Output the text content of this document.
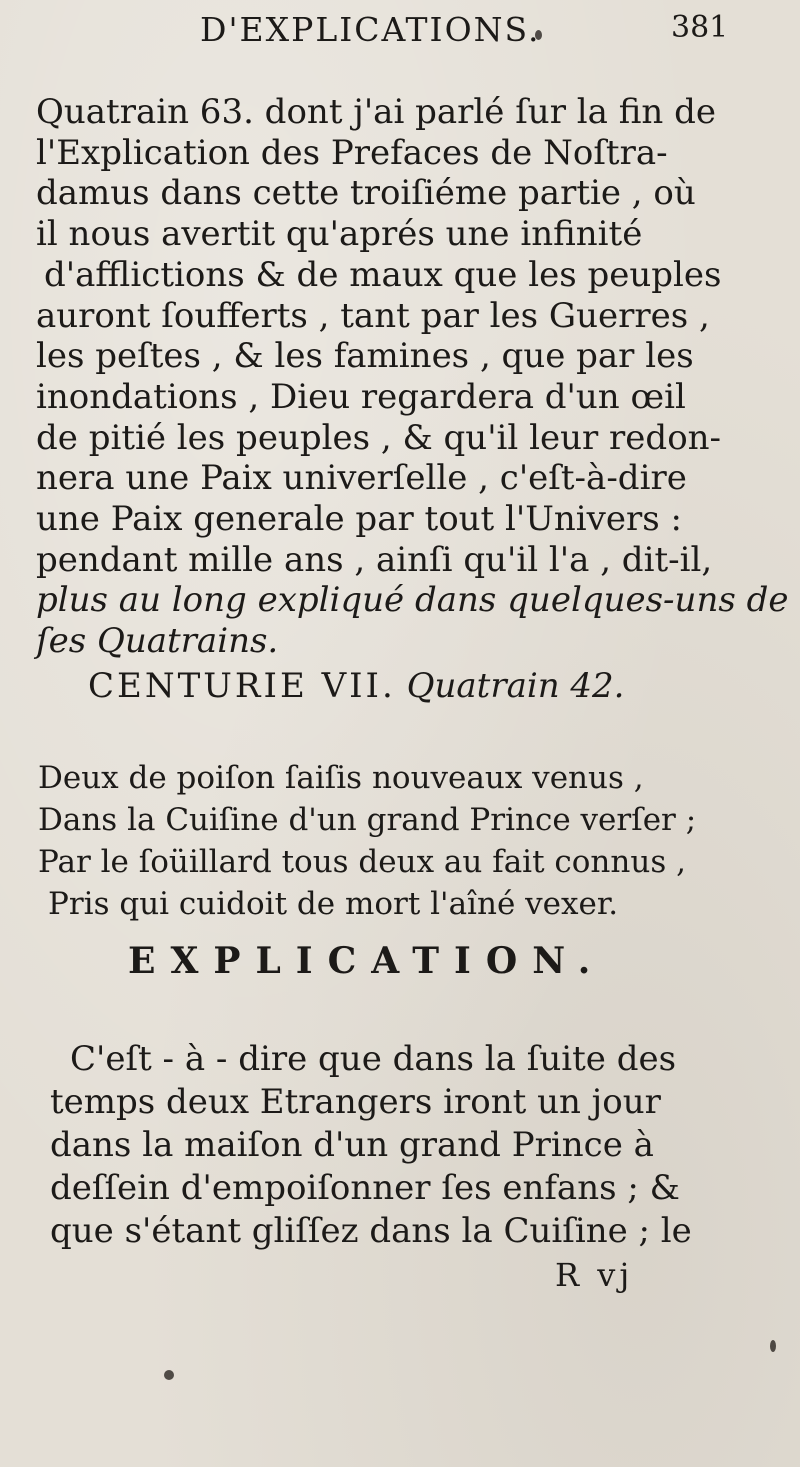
D'EXPLICATIONS.	381
Quatrain 63. dont j'ai parlé ſur la fin de
l'Explication des Prefaces de Noſtra-
damus dans cette troiſiéme partie , où
il nous avertit qu'aprés une infinité
d'afflictions & de maux que les peuples
auront ſoufferts , tant par les Guerres ,
les peſtes , & les famines , que par les
inondations , Dieu regardera d'un œil
de pitié les peuples , & qu'il leur redon-
nera une Paix univerſelle , c'eſt-à-dire
une Paix generale par tout l'Univers :
pendant mille ans , ainſi qu'il l'a , dit-il,
plus au long expliqué dans quelques-uns de
ſes Quatrains.
CENTURIE VII. Quatrain 42.
Deux de poiſon ſaiſis nouveaux venus ,
Dans la Cuiſine d'un grand Prince verſer ;
Par le ſoüillard tous deux au fait connus ,
Pris qui cuidoit de mort l'aîné vexer.
EXPLICATION.
C'eſt - à - dire que dans la ſuite des
temps deux Etrangers iront un jour
dans la maiſon d'un grand Prince à
deſſein d'empoiſonner ſes enfans ; &
que s'étant gliſſez dans la Cuiſine ; le
R vj
